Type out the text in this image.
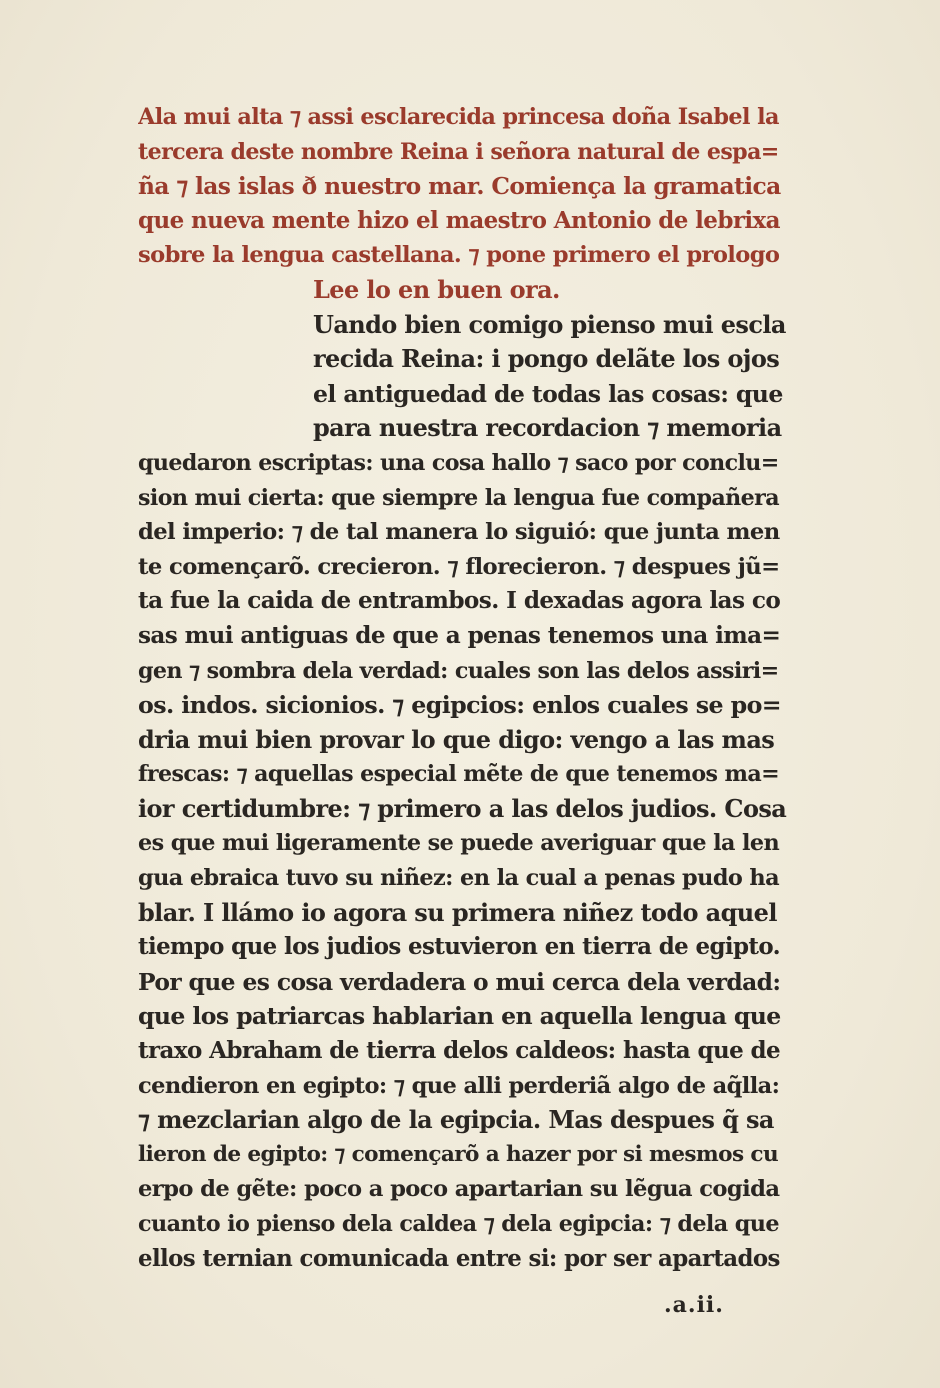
Ala mui alta ⁊ assi esclarecida princesa doña Isabel la
tercera deste nombre Reina i señora natural de espa=
ña ⁊ las islas ð nuestro mar. Comiença la gramatica
que nueva mente hizo el maestro Antonio de lebrixa
sobre la lengua castellana. ⁊ pone primero el prologo
Lee lo en buen ora.
Uando bien comigo pienso mui escla
recida Reina: i pongo delãte los ojos
el antiguedad de todas las cosas: que
para nuestra recordacion ⁊ memoria
quedaron escriptas: una cosa hallo ⁊ saco por conclu=
sion mui cierta: que siempre la lengua fue compañera
del imperio: ⁊ de tal manera lo siguió: que junta men
te començarõ. crecieron. ⁊ florecieron. ⁊ despues jũ=
ta fue la caida de entrambos. I dexadas agora las co
sas mui antiguas de que a penas tenemos una ima=
gen ⁊ sombra dela verdad: cuales son las delos assiri=
os. indos. sicionios. ⁊ egipcios: enlos cuales se po=
dria mui bien provar lo que digo: vengo a las mas
frescas: ⁊ aquellas especial mẽte de que tenemos ma=
ior certidumbre: ⁊ primero a las delos judios. Cosa
es que mui ligeramente se puede averiguar que la len
gua ebraica tuvo su niñez: en la cual a penas pudo ha
blar. I llámo io agora su primera niñez todo aquel
tiempo que los judios estuvieron en tierra de egipto.
Por que es cosa verdadera o mui cerca dela verdad:
que los patriarcas hablarian en aquella lengua que
traxo Abraham de tierra delos caldeos: hasta que de
cendieron en egipto: ⁊ que alli perderiã algo de aq̃lla:
⁊ mezclarian algo de la egipcia. Mas despues q̃ sa
lieron de egipto: ⁊ començarõ a hazer por si mesmos cu
erpo de gẽte: poco a poco apartarian su lẽgua cogida
cuanto io pienso dela caldea ⁊ dela egipcia: ⁊ dela que
ellos ternian comunicada entre si: por ser apartados
.a.ii.
